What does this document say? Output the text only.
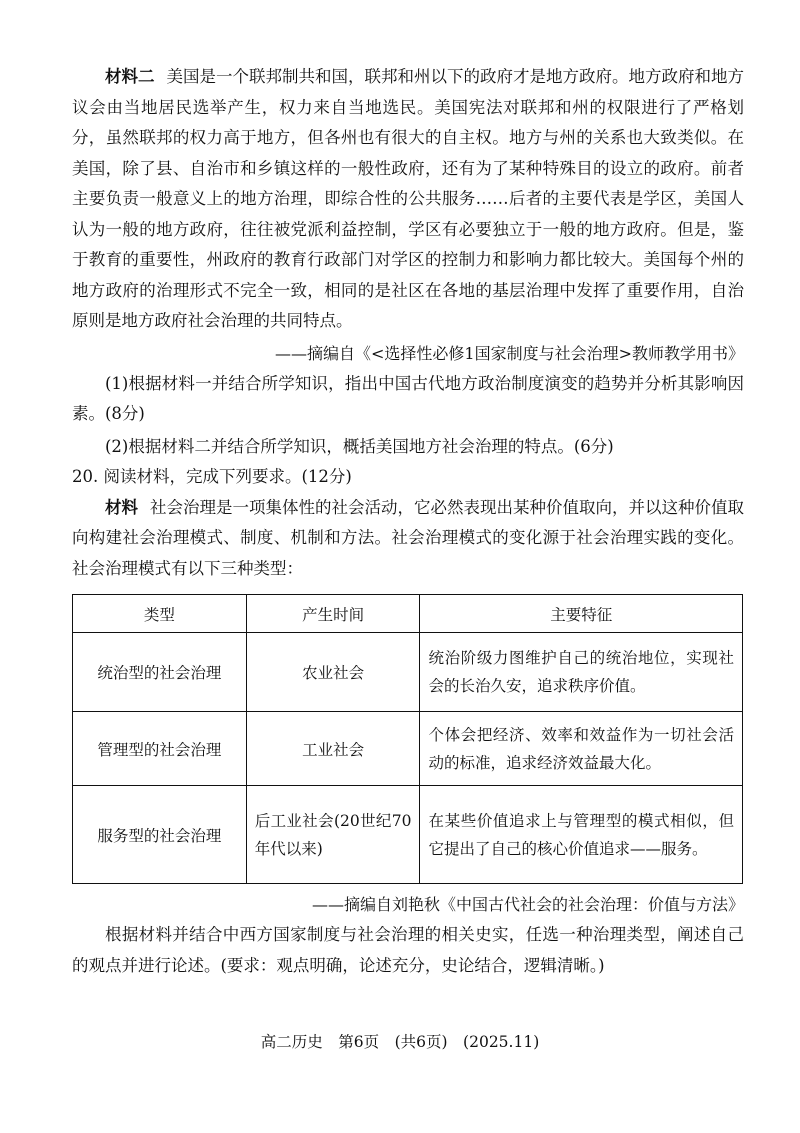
材料二 美国是一个联邦制共和国，联邦和州以下的政府才是地方政府。地方政府和地方议会由当地居民选举产生，权力来自当地选民。美国宪法对联邦和州的权限进行了严格划分，虽然联邦的权力高于地方，但各州也有很大的自主权。地方与州的关系也大致类似。在美国，除了县、自治市和乡镇这样的一般性政府，还有为了某种特殊目的设立的政府。前者主要负责一般意义上的地方治理，即综合性的公共服务……后者的主要代表是学区，美国人认为一般的地方政府，往往被党派利益控制，学区有必要独立于一般的地方政府。但是，鉴于教育的重要性，州政府的教育行政部门对学区的控制力和影响力都比较大。美国每个州的地方政府的治理形式不完全一致，相同的是社区在各地的基层治理中发挥了重要作用，自治原则是地方政府社会治理的共同特点。

——摘编自《<选择性必修1国家制度与社会治理>教师教学用书》

(1)根据材料一并结合所学知识，指出中国古代地方政治制度演变的趋势并分析其影响因素。(8分)

(2)根据材料二并结合所学知识，概括美国地方社会治理的特点。(6分)

20. 阅读材料，完成下列要求。(12分)

材料 社会治理是一项集体性的社会活动，它必然表现出某种价值取向，并以这种价值取向构建社会治理模式、制度、机制和方法。社会治理模式的变化源于社会治理实践的变化。社会治理模式有以下三种类型：

类型	产生时间	主要特征
统治型的社会治理	农业社会	统治阶级力图维护自己的统治地位，实现社会的长治久安，追求秩序价值。
管理型的社会治理	工业社会	个体会把经济、效率和效益作为一切社会活动的标准，追求经济效益最大化。
服务型的社会治理	后工业社会(20世纪70年代以来)	在某些价值追求上与管理型的模式相似，但它提出了自己的核心价值追求——服务。

——摘编自刘艳秋《中国古代社会的社会治理：价值与方法》

根据材料并结合中西方国家制度与社会治理的相关史实，任选一种治理类型，阐述自己的观点并进行论述。(要求：观点明确，论述充分，史论结合，逻辑清晰。)

高二历史　第6页　(共6页)　(2025.11)
